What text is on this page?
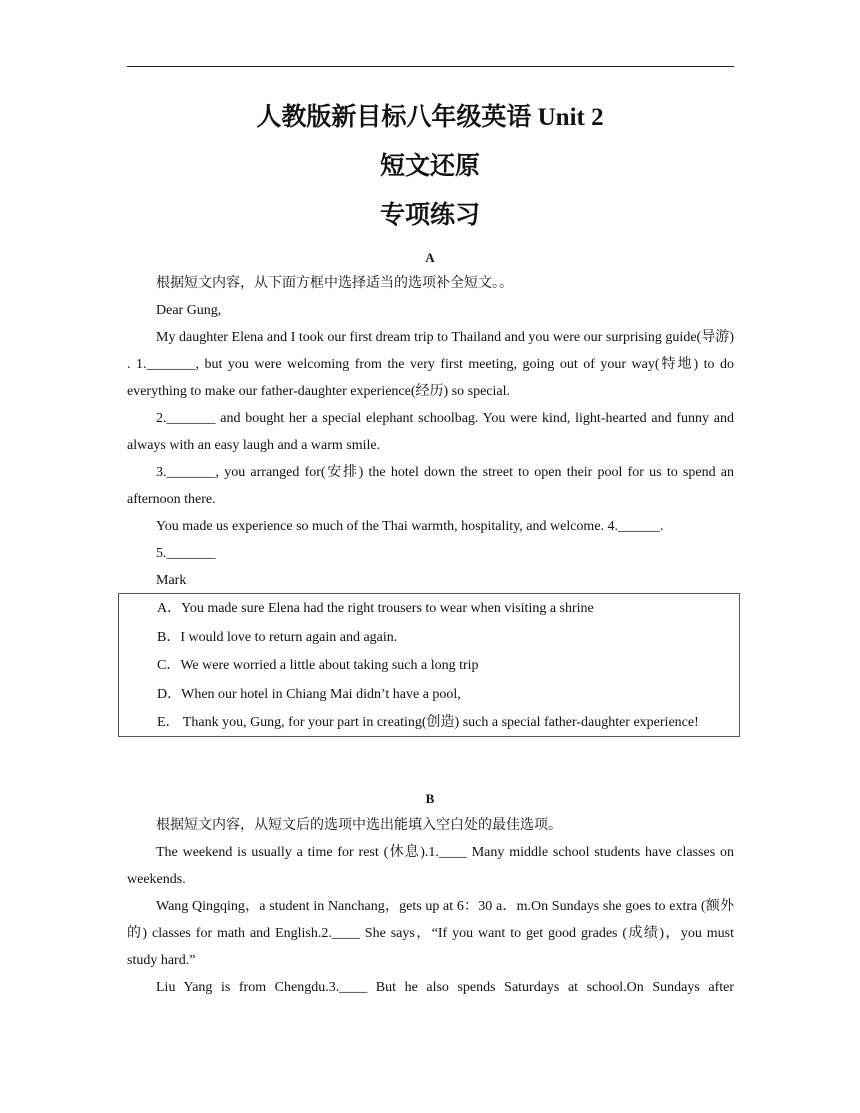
人教版新目标八年级英语 Unit 2
短文还原
专项练习
A

根据短文内容，从下面方框中选择适当的选项补全短文。。

Dear Gung,

My daughter Elena and I took our first dream trip to Thailand and you were our surprising guide(导游) . 1._______, but you were welcoming from the very first meeting, going out of your way(特地) to do everything to make our father-daughter experience(经历) so special.

2._______ and bought her a special elephant schoolbag. You were kind, light-hearted and funny and always with an easy laugh and a warm smile.

3._______, you arranged for(安排) the hotel down the street to open their pool for us to spend an afternoon there.

You made us experience so much of the Thai warmth, hospitality, and welcome. 4.______.

5._______

Mark

A．You made sure Elena had the right trousers to wear when visiting a shrine
B．I would love to return again and again.
C．We were worried a little about taking such a long trip
D．When our hotel in Chiang Mai didn’t have a pool,
E． Thank you, Gung, for your part in creating(创造) such a special father-daughter experience!
B

根据短文内容，从短文后的选项中选出能填入空白处的最佳选项。

The weekend is usually a time for rest (休息).1.____ Many middle school students have classes on weekends.

Wang Qingqing，a student in Nanchang，gets up at 6：30 a．m.On Sundays she goes to extra (额外的) classes for math and English.2.____ She says，“If you want to get good grades (成绩)，you must study hard.”

Liu Yang is from Chengdu.3.____ But he also spends Saturdays at school.On Sundays after
